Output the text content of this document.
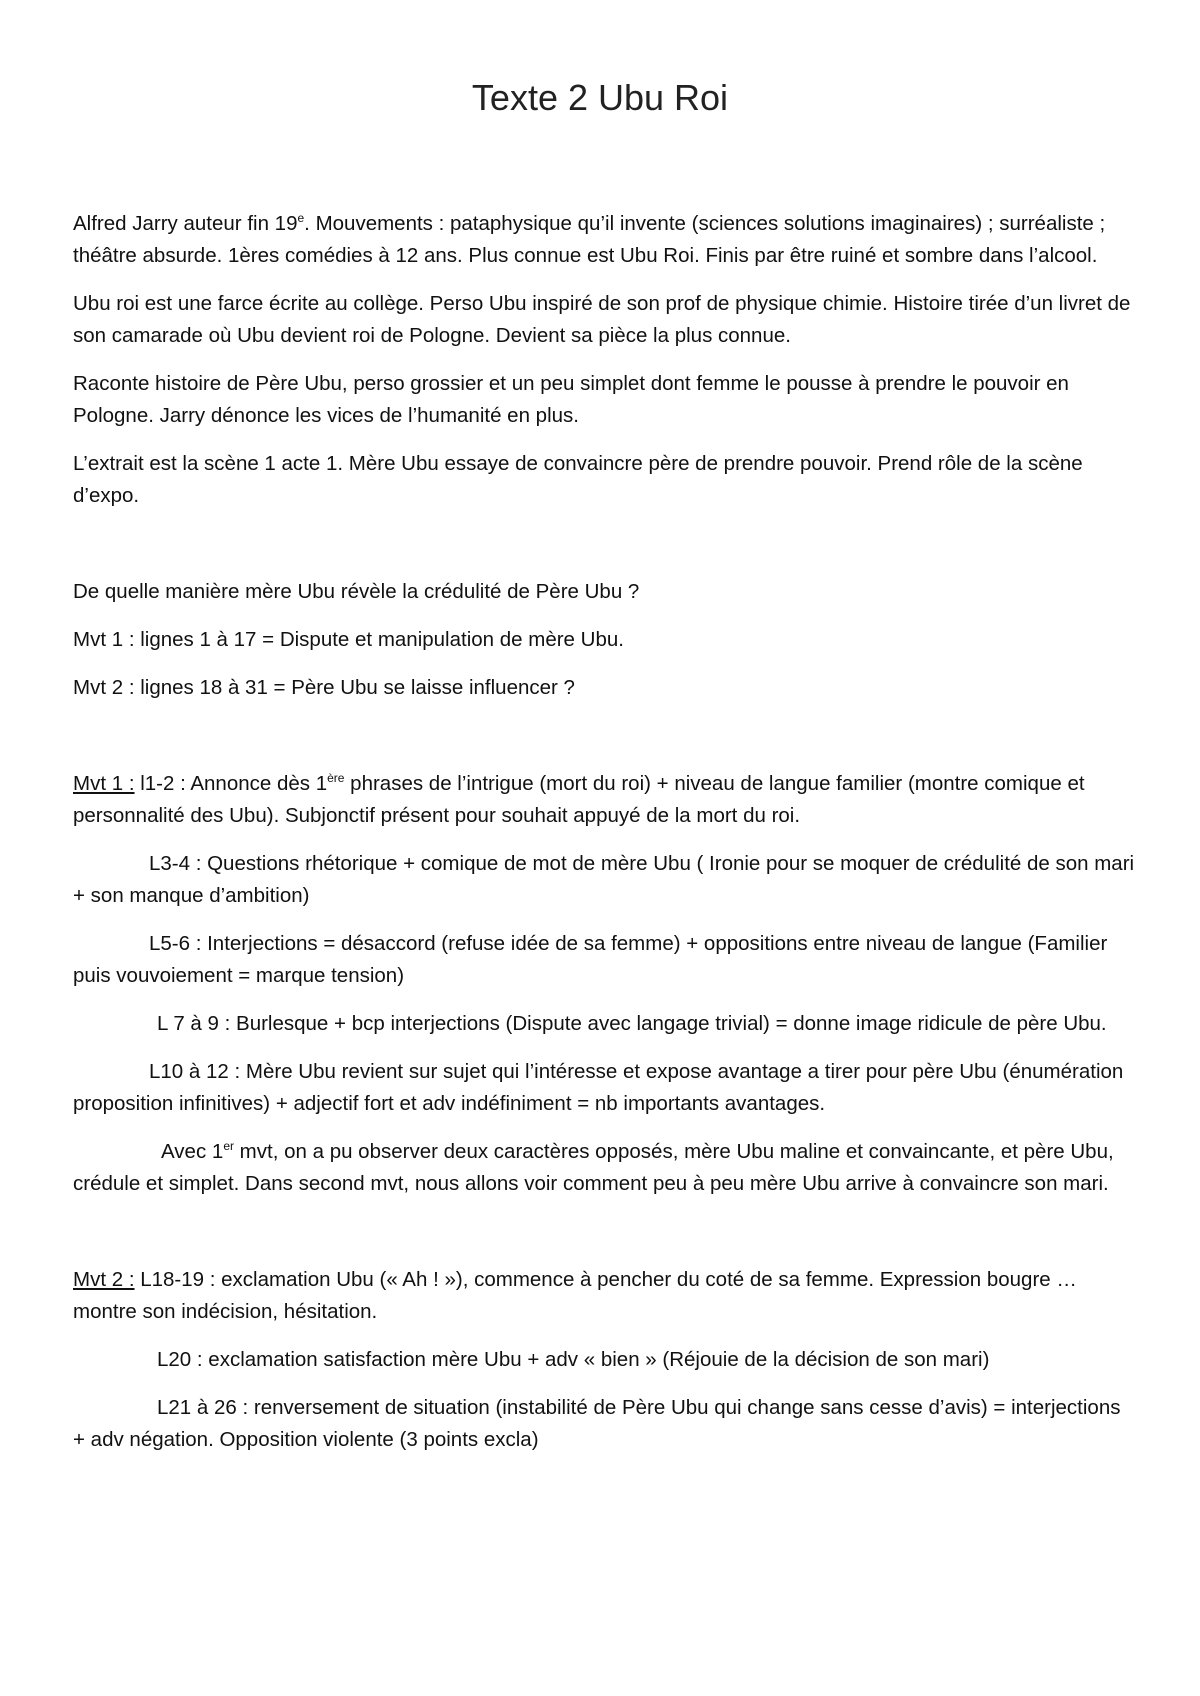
Texte 2 Ubu Roi

Alfred Jarry auteur fin 19e. Mouvements : pataphysique qu’il invente (sciences solutions imaginaires) ; surréaliste ; théâtre absurde. 1ères comédies à 12 ans. Plus connue est Ubu Roi. Finis par être ruiné et sombre dans l’alcool.

Ubu roi est une farce écrite au collège. Perso Ubu inspiré de son prof de physique chimie. Histoire tirée d’un livret de son camarade où Ubu devient roi de Pologne. Devient sa pièce la plus connue.

Raconte histoire de Père Ubu, perso grossier et un peu simplet dont femme le pousse à prendre le pouvoir en Pologne. Jarry dénonce les vices de l’humanité en plus.

L’extrait est la scène 1 acte 1. Mère Ubu essaye de convaincre père de prendre pouvoir. Prend rôle de la scène d’expo.

De quelle manière mère Ubu révèle la crédulité de Père Ubu ?

Mvt 1 : lignes 1 à 17 = Dispute et manipulation de mère Ubu.

Mvt 2 : lignes 18 à 31 = Père Ubu se laisse influencer ?

Mvt 1 : l1-2 : Annonce dès 1ère phrases de l’intrigue (mort du roi) + niveau de langue familier (montre comique et personnalité des Ubu). Subjonctif présent pour souhait appuyé de la mort du roi.

L3-4 : Questions rhétorique + comique de mot de mère Ubu ( Ironie pour se moquer de crédulité de son mari + son manque d’ambition)

L5-6 : Interjections = désaccord (refuse idée de sa femme) + oppositions entre niveau de langue (Familier puis vouvoiement = marque tension)

L 7 à 9 : Burlesque + bcp interjections (Dispute avec langage trivial) = donne image ridicule de père Ubu.

L10 à 12 : Mère Ubu revient sur sujet qui l’intéresse et expose avantage a tirer pour père Ubu (énumération proposition infinitives) + adjectif fort et adv indéfiniment = nb importants avantages.

Avec 1er mvt, on a pu observer deux caractères opposés, mère Ubu maline et convaincante, et père Ubu, crédule et simplet. Dans second mvt, nous allons voir comment peu à peu mère Ubu arrive à convaincre son mari.

Mvt 2 : L18-19 : exclamation Ubu (« Ah ! »), commence à pencher du coté de sa femme. Expression bougre … montre son indécision, hésitation.

L20 : exclamation satisfaction mère Ubu + adv « bien » (Réjouie de la décision de son mari)

L21 à 26 : renversement de situation (instabilité de Père Ubu qui change sans cesse d’avis) = interjections + adv négation. Opposition violente (3 points excla)
